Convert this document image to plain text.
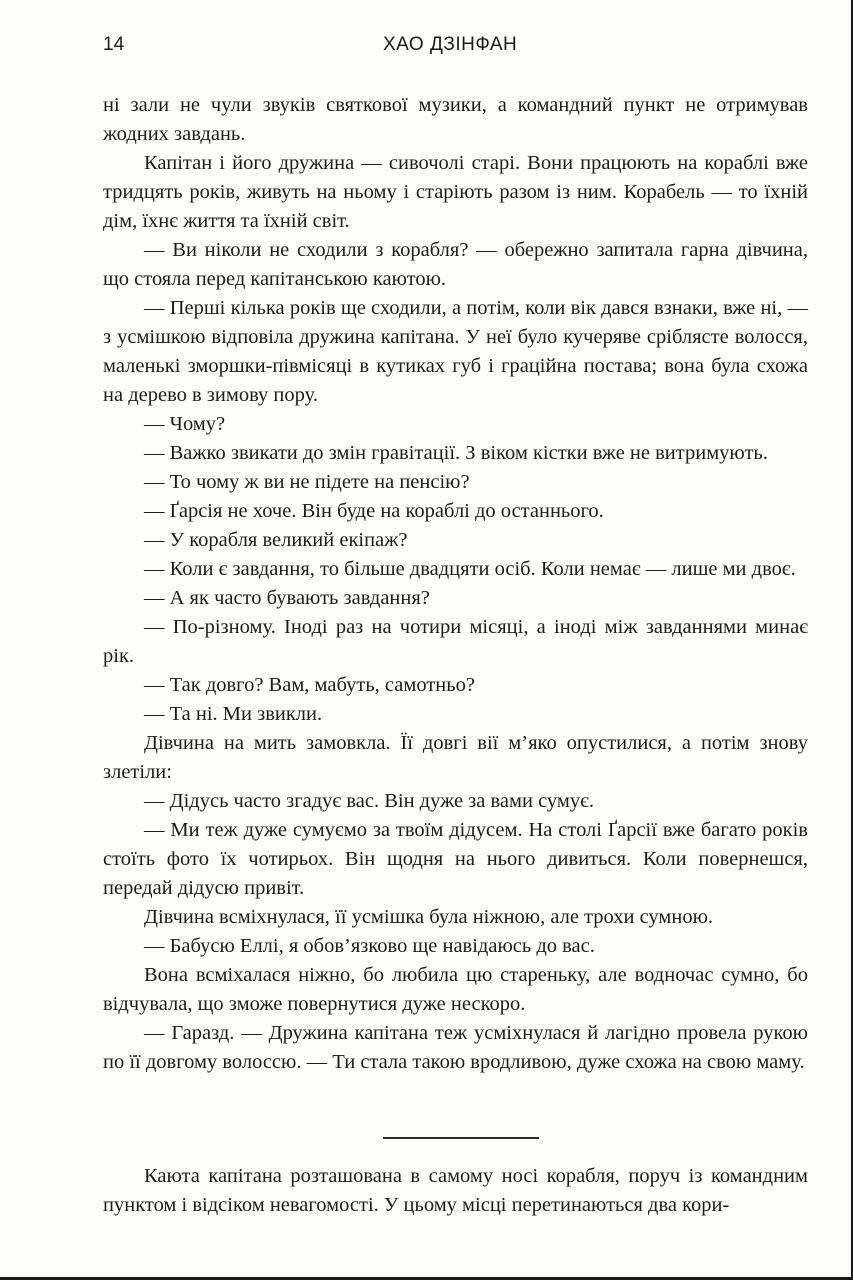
14	ХАО ДЗІНФАН

ні зали не чули звуків святкової музики, а командний пункт не отримував жодних завдань.

Капітан і його дружина — сивочолі старі. Вони працюють на кораблі вже тридцять років, живуть на ньому і старіють разом із ним. Корабель — то їхній дім, їхнє життя та їхній світ.

— Ви ніколи не сходили з корабля? — обережно запитала гарна дівчина, що стояла перед капітанською каютою.

— Перші кілька років ще сходили, а потім, коли вік дався взнаки, вже ні, — з усмішкою відповіла дружина капітана. У неї було кучеряве сріблясте волосся, маленькі зморшки-півмісяці в кутиках губ і граційна постава; вона була схожа на дерево в зимову пору.

— Чому?

— Важко звикати до змін гравітації. З віком кістки вже не витримують.

— То чому ж ви не підете на пенсію?

— Ґарсія не хоче. Він буде на кораблі до останнього.

— У корабля великий екіпаж?

— Коли є завдання, то більше двадцяти осіб. Коли немає — лише ми двоє.

— А як часто бувають завдання?

— По-різному. Іноді раз на чотири місяці, а іноді між завданнями минає рік.

— Так довго? Вам, мабуть, самотньо?

— Та ні. Ми звикли.

Дівчина на мить замовкла. Її довгі вії м’яко опустилися, а потім знову злетіли:

— Дідусь часто згадує вас. Він дуже за вами сумує.

— Ми теж дуже сумуємо за твоїм дідусем. На столі Ґарсії вже багато років стоїть фото їх чотирьох. Він щодня на нього дивиться. Коли повернешся, передай дідусю привіт.

Дівчина всміхнулася, її усмішка була ніжною, але трохи сумною.

— Бабусю Еллі, я обов’язково ще навідаюсь до вас.

Вона всміхалася ніжно, бо любила цю стареньку, але водночас сумно, бо відчувала, що зможе повернутися дуже нескоро.

— Гаразд. — Дружина капітана теж усміхнулася й лагідно провела рукою по її довгому волоссю. — Ти стала такою вродливою, дуже схожа на свою маму.

Каюта капітана розташована в самому носі корабля, поруч із командним пунктом і відсіком невагомості. У цьому місці перетинаються два кори-
